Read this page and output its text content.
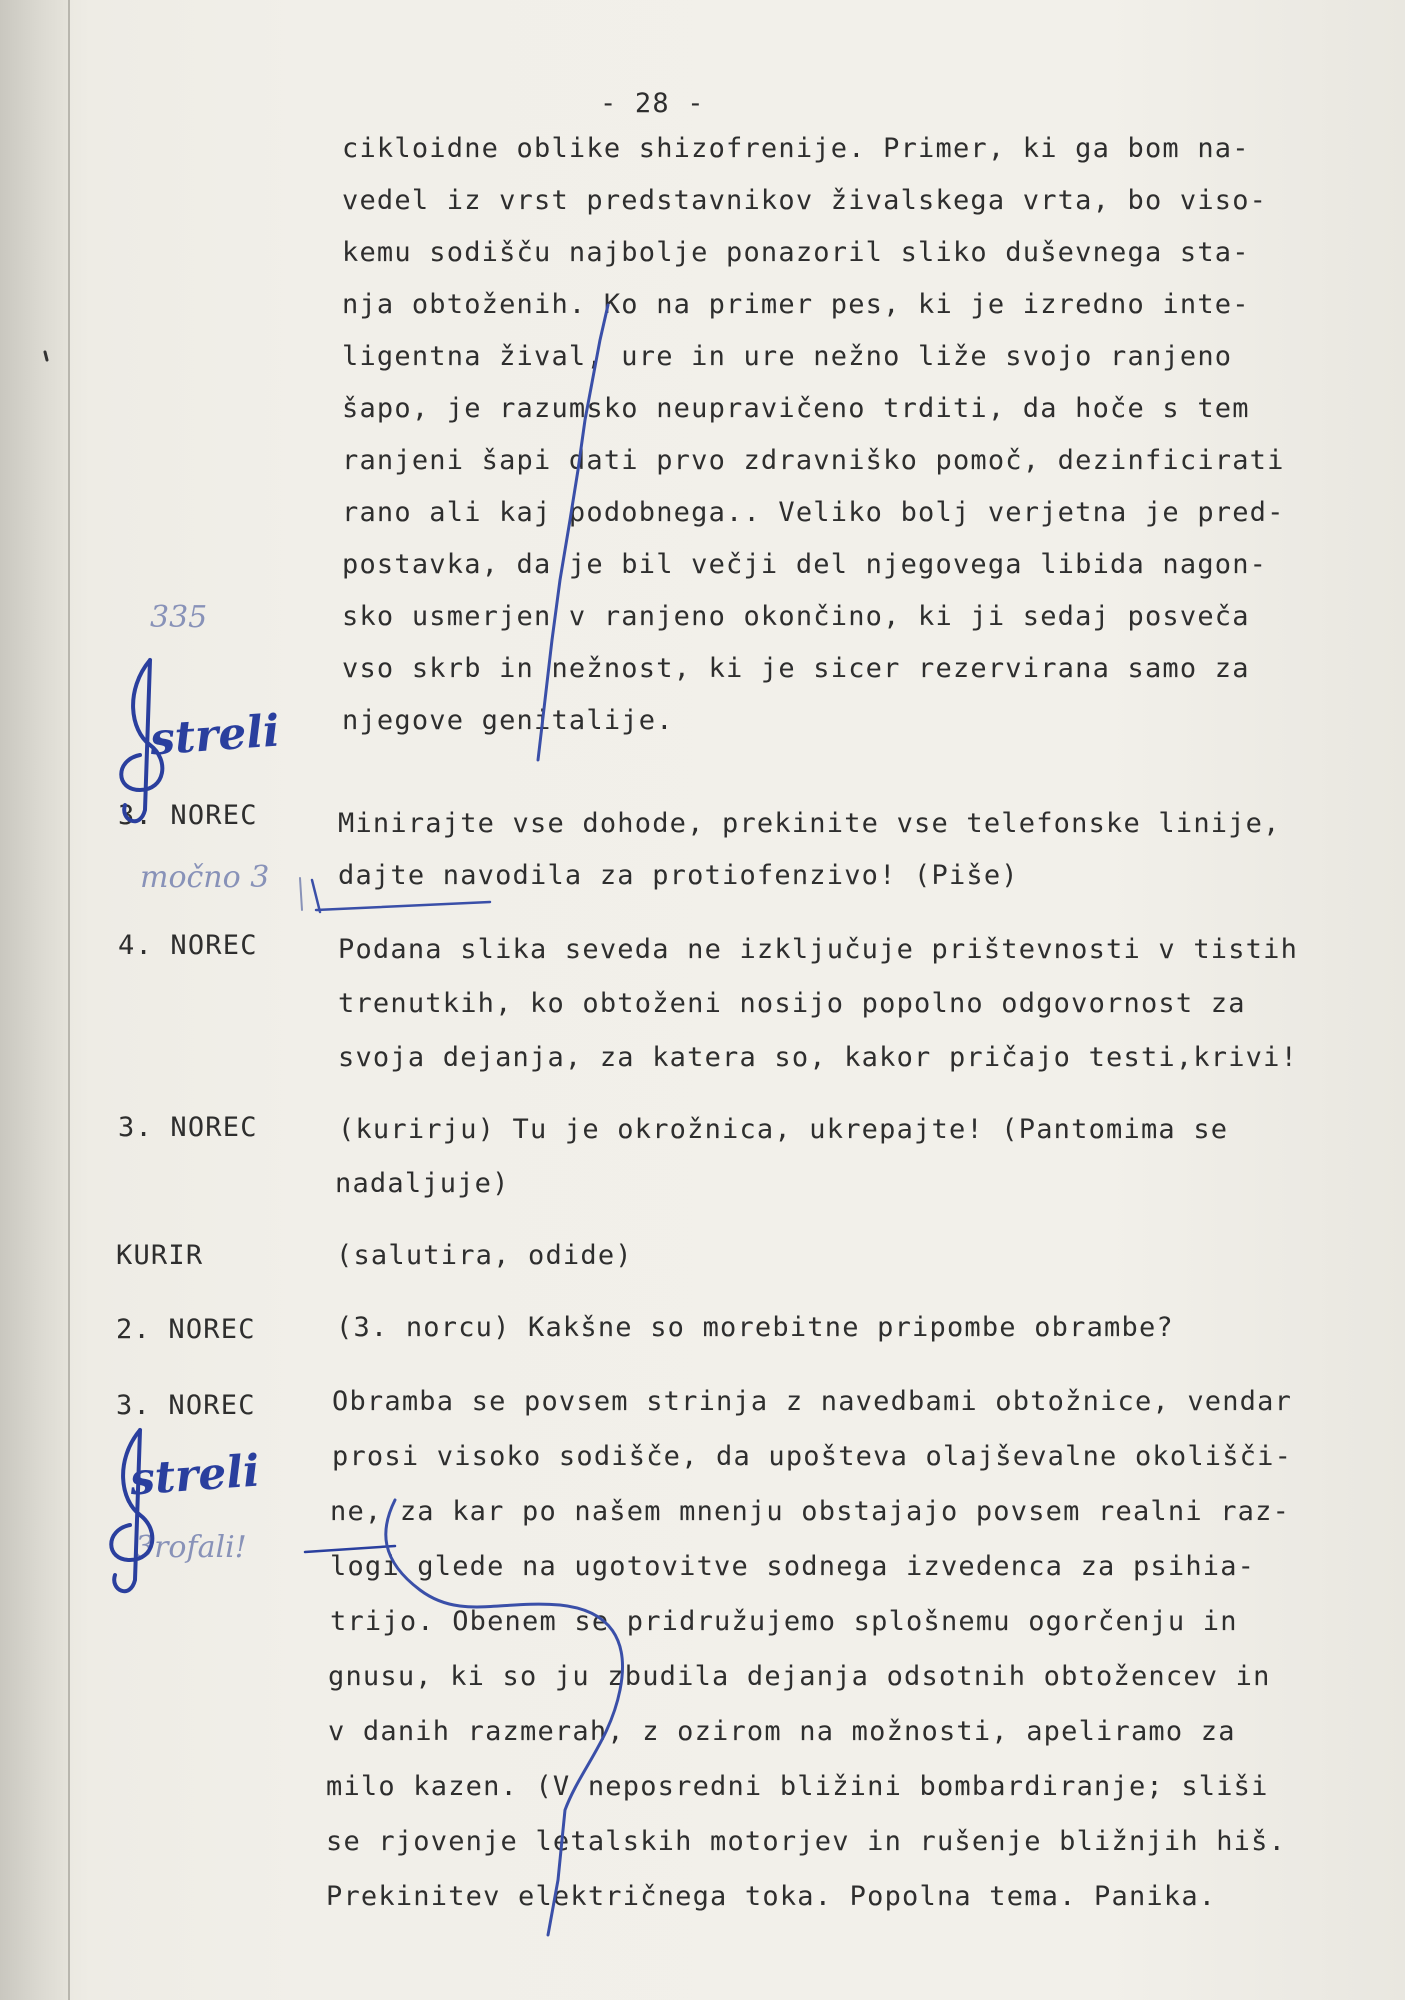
- 28 -
cikloidne oblike shizofrenije. Primer, ki ga bom na-
vedel iz vrst predstavnikov živalskega vrta, bo viso-
kemu sodišču najbolje ponazoril sliko duševnega sta-
nja obtoženih. Ko na primer pes, ki je izredno inte-
ligentna žival, ure in ure nežno liže svojo ranjeno
šapo, je razumsko neupravičeno trditi, da hoče s tem
ranjeni šapi dati prvo zdravniško pomoč, dezinficirati
rano ali kaj podobnega.. Veliko bolj verjetna je pred-
postavka, da je bil večji del njegovega libida nagon-
sko usmerjen v ranjeno okončino, ki ji sedaj posveča
vso skrb in nežnost, ki je sicer rezervirana samo za
njegove genitalije.
3. NOREC	Minirajte vse dohode, prekinite vse telefonske linije,
dajte navodila za protiofenzivo! (Piše)
4. NOREC	Podana slika seveda ne izključuje prištevnosti v tistih
trenutkih, ko obtoženi nosijo popolno odgovornost za
svoja dejanja, za katera so, kakor pričajo testi,krivi!
3. NOREC	(kurirju) Tu je okrožnica, ukrepajte! (Pantomima se
nadaljuje)
KURIR	(salutira, odide)
2. NOREC	(3. norcu) Kakšne so morebitne pripombe obrambe?
3. NOREC	Obramba se povsem strinja z navedbami obtožnice, vendar
prosi visoko sodišče, da upošteva olajševalne okolišči-
ne, za kar po našem mnenju obstajajo povsem realni raz-
logi glede na ugotovitve sodnega izvedenca za psihia-
trijo. Obenem se pridružujemo splošnemu ogorčenju in
gnusu, ki so ju zbudila dejanja odsotnih obtožencev in
v danih razmerah, z ozirom na možnosti, apeliramo za
milo kazen. (V neposredni bližini bombardiranje; sliši
se rjovenje letalskih motorjev in rušenje bližnjih hiš.
Prekinitev električnega toka. Popolna tema. Panika.
335
streli
močno 3
streli
3rofali!
